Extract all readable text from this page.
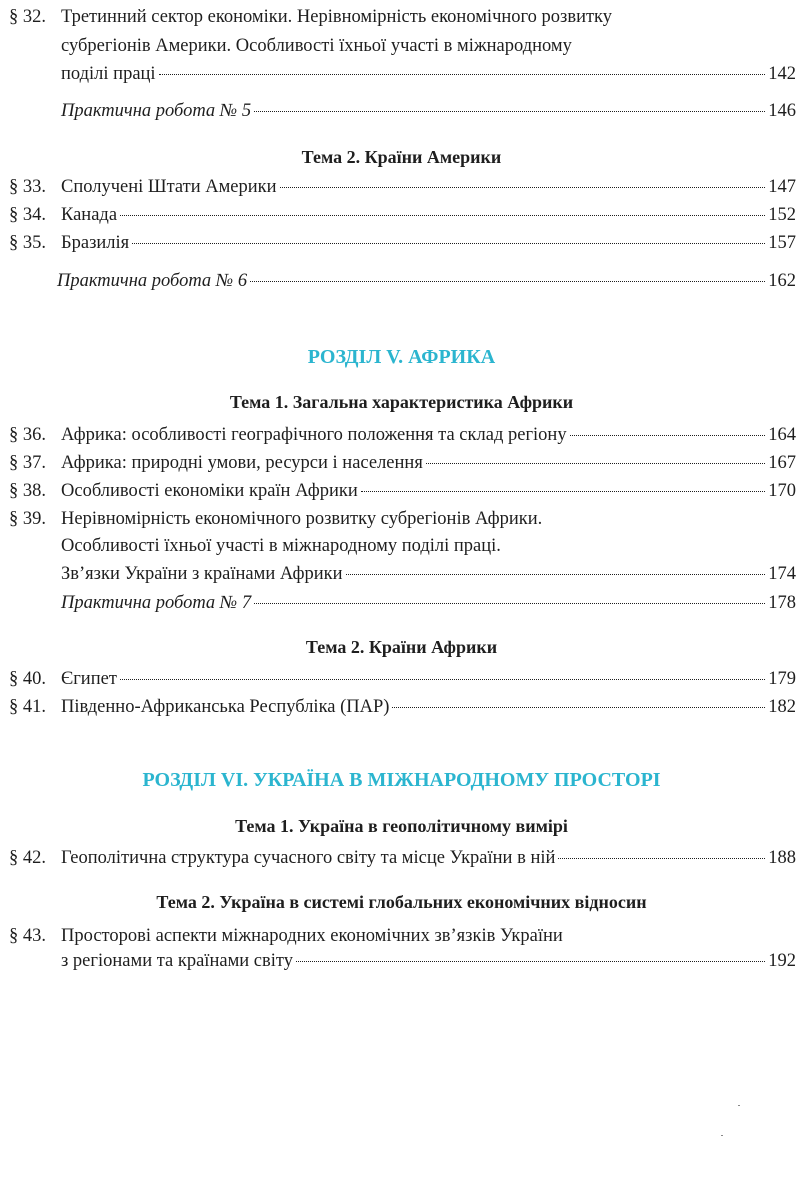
§ 32. Третинний сектор економіки. Нерівномірність економічного розвитку
субрегіонів Америки. Особливості їхньої участі в міжнародному
поділі праці	142
Практична робота № 5	146
Тема 2. Країни Америки
§ 33. Сполучені Штати Америки	147
§ 34. Канада	152
§ 35. Бразилія	157
Практична робота № 6	162
РОЗДІЛ V. АФРИКА
Тема 1. Загальна характеристика Африки
§ 36. Африка: особливості географічного положення та склад регіону	164
§ 37. Африка: природні умови, ресурси і населення	167
§ 38. Особливості економіки країн Африки	170
§ 39. Нерівномірність економічного розвитку субрегіонів Африки.
Особливості їхньої участі в міжнародному поділі праці.
Зв’язки України з країнами Африки	174
Практична робота № 7	178
Тема 2. Країни Африки
§ 40. Єгипет	179
§ 41. Південно-Африканська Республіка (ПАР)	182
РОЗДІЛ VI. УКРАЇНА В МІЖНАРОДНОМУ ПРОСТОРІ
Тема 1. Україна в геополітичному вимірі
§ 42. Геополітична структура сучасного світу та місце України в ній	188
Тема 2. Україна в системі глобальних економічних відносин
§ 43. Просторові аспекти міжнародних економічних зв’язків України
з регіонами та країнами світу	192
